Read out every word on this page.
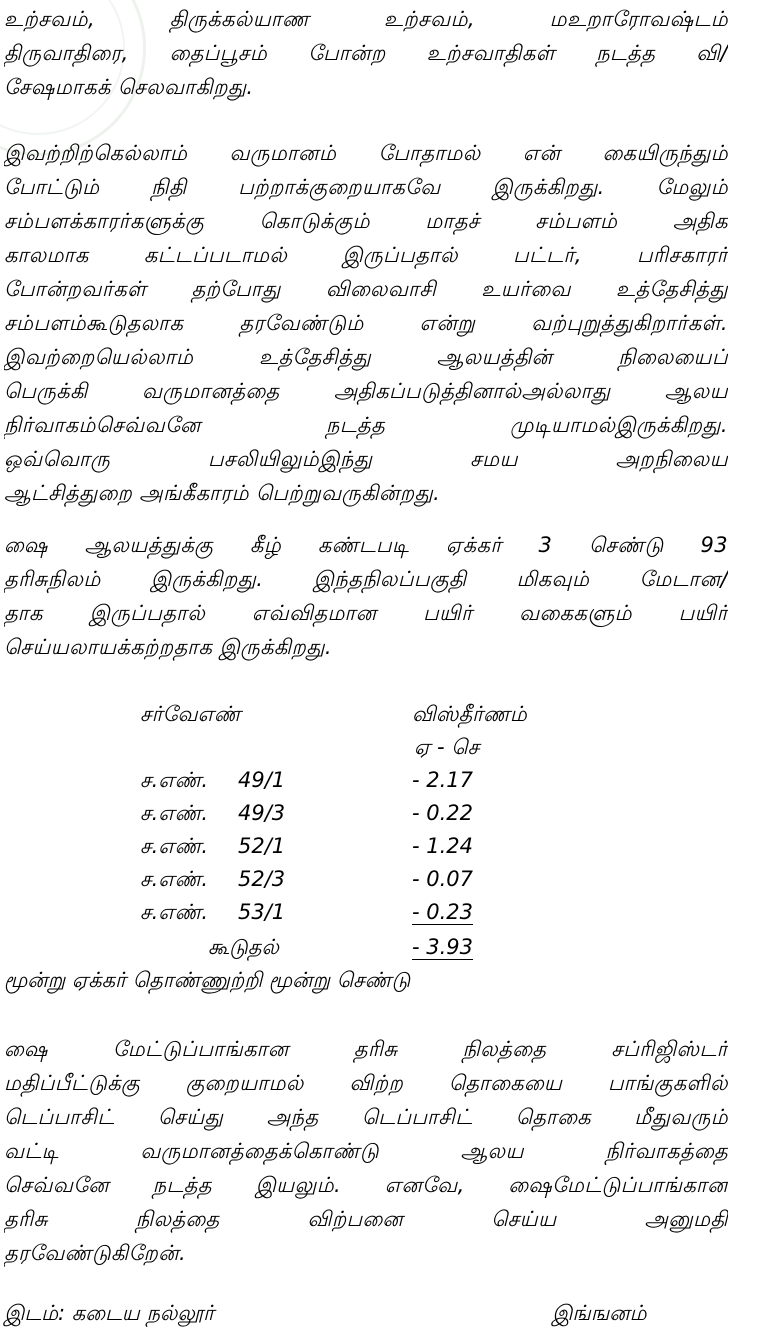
உற்சவம், திருக்கல்யாண உற்சவம், மஉறாரோவஷ்டம்
திருவாதிரை, தைப்பூசம் போன்ற உற்சவாதிகள் நடத்த வி/
சேஷமாகக் செலவாகிறது.
இவற்றிற்கெல்லாம் வருமானம் போதாமல் என் கையிருந்தும்
போட்டும் நிதி பற்றாக்குறையாகவே இருக்கிறது. மேலும்
சம்பளக்காரர்களுக்கு கொடுக்கும் மாதச் சம்பளம் அதிக
காலமாக கட்டப்படாமல் இருப்பதால் பட்டர், பரிசகாரர்
போன்றவர்கள் தற்போது விலைவாசி உயர்வை உத்தேசித்து
சம்பளம்கூடுதலாக தரவேண்டும் என்று வற்புறுத்துகிறார்கள்.
இவற்றையெல்லாம் உத்தேசித்து ஆலயத்தின் நிலையைப்
பெருக்கி வருமானத்தை அதிகப்படுத்தினால்அல்லாது ஆலய
நிர்வாகம்செவ்வனே நடத்த முடியாமல்இருக்கிறது.
ஒவ்வொரு பசலியிலும்இந்து சமய அறநிலைய
ஆட்சித்துறை அங்கீகாரம் பெற்றுவருகின்றது.
ஷை ஆலயத்துக்கு கீழ் கண்டபடி ஏக்கர் 3 செண்டு 93
தரிசுநிலம் இருக்கிறது. இந்தநிலப்பகுதி மிகவும் மேடான/
தாக இருப்பதால் எவ்விதமான பயிர் வகைகளும் பயிர்
செய்யலாயக்கற்றதாக இருக்கிறது.
சர்வேஎண்	விஸ்தீர்ணம்
ஏ - செ
ச.எண். 49/1	- 2.17
ச.எண். 49/3	- 0.22
ச.எண். 52/1	- 1.24
ச.எண். 52/3	- 0.07
ச.எண். 53/1	- 0.23
கூடுதல்	- 3.93
மூன்று ஏக்கர் தொண்ணுற்றி மூன்று செண்டு
ஷை மேட்டுப்பாங்கான தரிசு நிலத்தை சப்ரிஜிஸ்டர்
மதிப்பீட்டுக்கு குறையாமல் விற்ற தொகையை பாங்குகளில்
டெப்பாசிட் செய்து அந்த டெப்பாசிட் தொகை மீதுவரும்
வட்டி வருமானத்தைக்கொண்டு ஆலய நிர்வாகத்தை
செவ்வனே நடத்த இயலும். எனவே, ஷைமேட்டுப்பாங்கான
தரிசு நிலத்தை விற்பனை செய்ய அனுமதி
தரவேண்டுகிறேன்.
இடம்: கடைய நல்லூர்	இங்ஙனம்
